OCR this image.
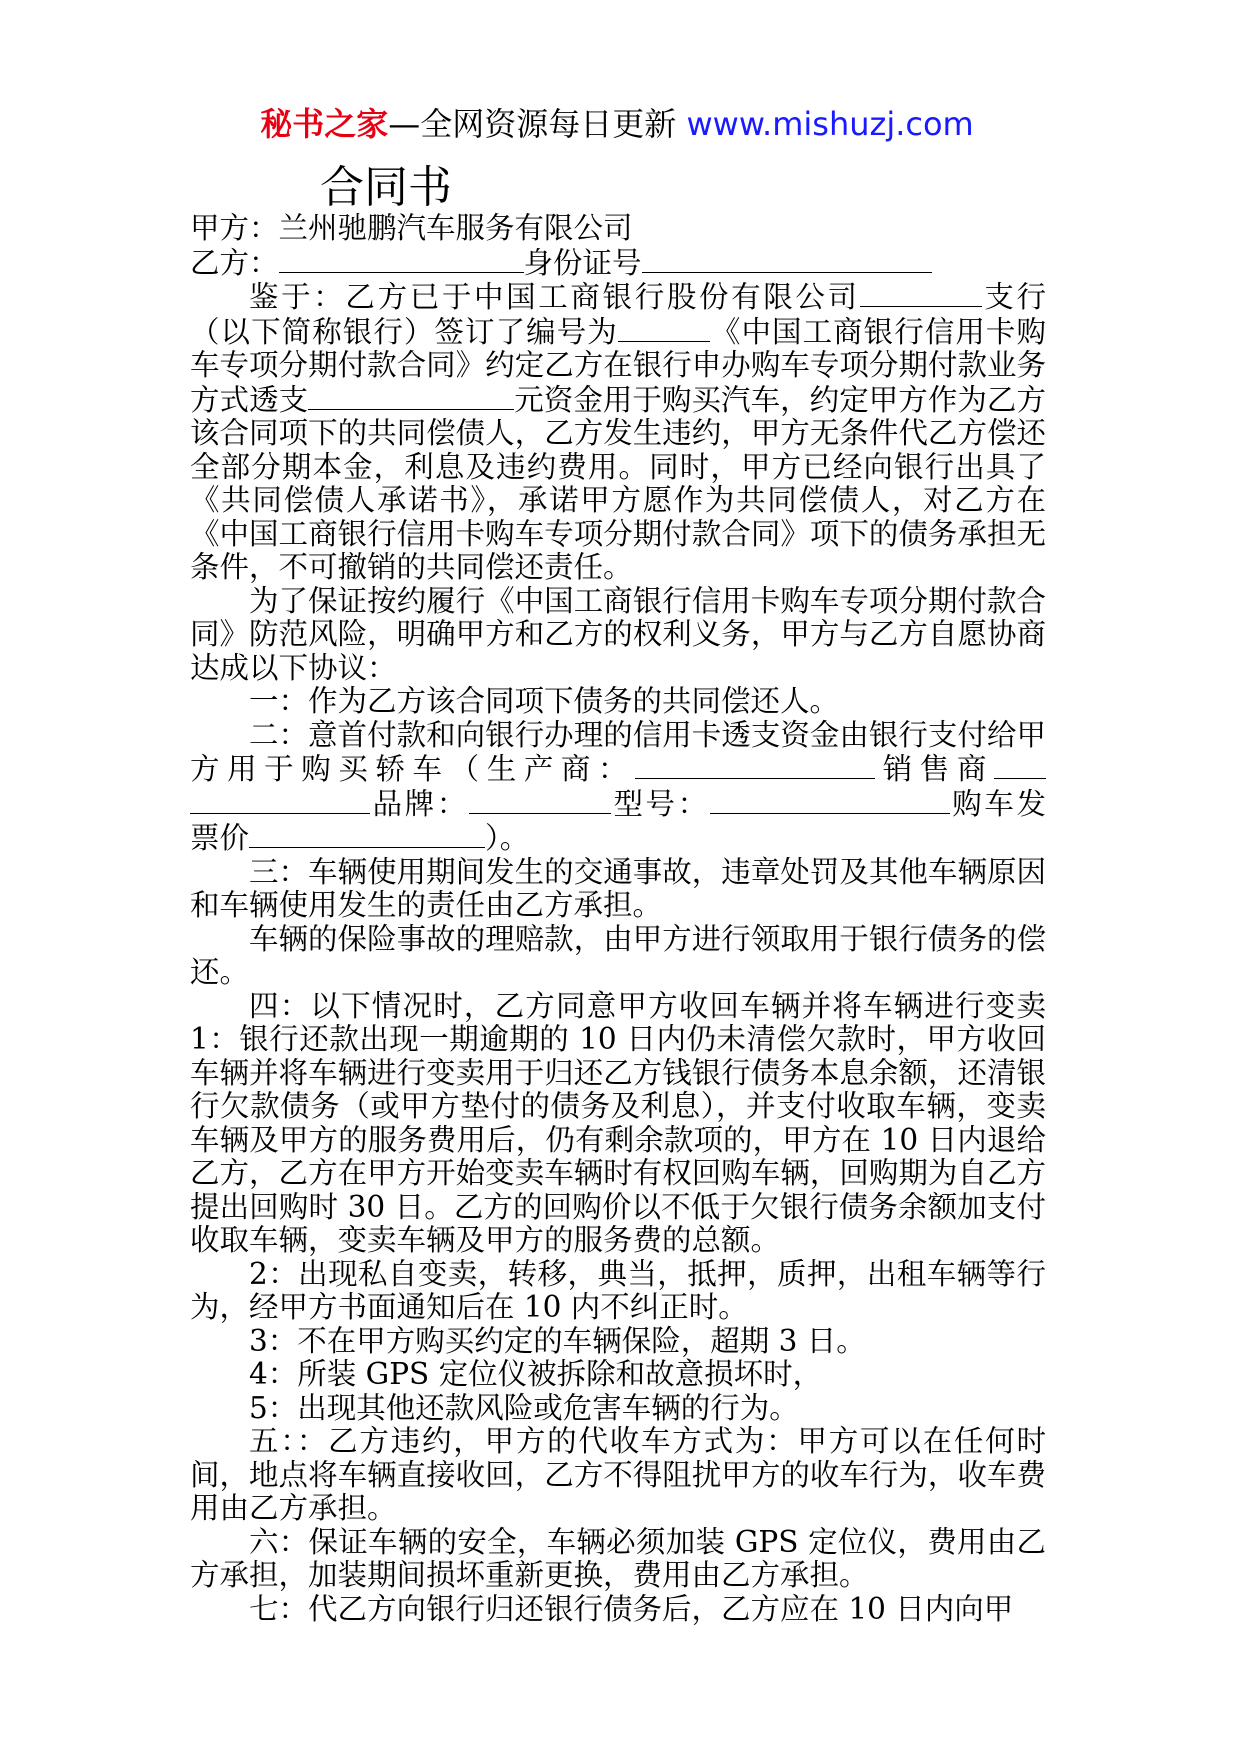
秘书之家—全网资源每日更新 www.mishuzj.com
合同书

甲方：兰州驰鹏汽车服务有限公司

乙方：	身份证号

鉴于：乙方已于中国工商银行股份有限公司	支行（以下简称银行）签订了编号为	《中国工商银行信用卡购车专项分期付款合同》约定乙方在银行申办购车专项分期付款业务方式透支	元资金用于购买汽车，约定甲方作为乙方该合同项下的共同偿债人，乙方发生违约，甲方无条件代乙方偿还全部分期本金，利息及违约费用。同时，甲方已经向银行出具了《共同偿债人承诺书》，承诺甲方愿作为共同偿债人，对乙方在《中国工商银行信用卡购车专项分期付款合同》项下的债务承担无条件，不可撤销的共同偿还责任。

为了保证按约履行《中国工商银行信用卡购车专项分期付款合同》防范风险，明确甲方和乙方的权利义务，甲方与乙方自愿协商达成以下协议：

一：作为乙方该合同项下债务的共同偿还人。

二：意首付款和向银行办理的信用卡透支资金由银行支付给甲方用于购买轿车（生产商：	销售商品牌：	型号：	购车发票价	）。

三：车辆使用期间发生的交通事故，违章处罚及其他车辆原因和车辆使用发生的责任由乙方承担。

车辆的保险事故的理赔款，由甲方进行领取用于银行债务的偿还。

四：以下情况时，乙方同意甲方收回车辆并将车辆进行变卖 1：银行还款出现一期逾期的 10 日内仍未清偿欠款时，甲方收回车辆并将车辆进行变卖用于归还乙方钱银行债务本息余额，还清银行欠款债务（或甲方垫付的债务及利息），并支付收取车辆，变卖车辆及甲方的服务费用后，仍有剩余款项的，甲方在 10 日内退给乙方，乙方在甲方开始变卖车辆时有权回购车辆，回购期为自乙方提出回购时 30 日。乙方的回购价以不低于欠银行债务余额加支付收取车辆，变卖车辆及甲方的服务费的总额。

2：出现私自变卖，转移，典当，抵押，质押，出租车辆等行为，经甲方书面通知后在 10 内不纠正时。

3：不在甲方购买约定的车辆保险，超期 3 日。

4：所装 GPS 定位仪被拆除和故意损坏时，

5：出现其他还款风险或危害车辆的行为。

五：：乙方违约，甲方的代收车方式为：甲方可以在任何时间，地点将车辆直接收回，乙方不得阻扰甲方的收车行为，收车费用由乙方承担。

六：保证车辆的安全，车辆必须加装 GPS 定位仪，费用由乙方承担，加装期间损坏重新更换，费用由乙方承担。

七：代乙方向银行归还银行债务后，乙方应在 10 日内向甲
